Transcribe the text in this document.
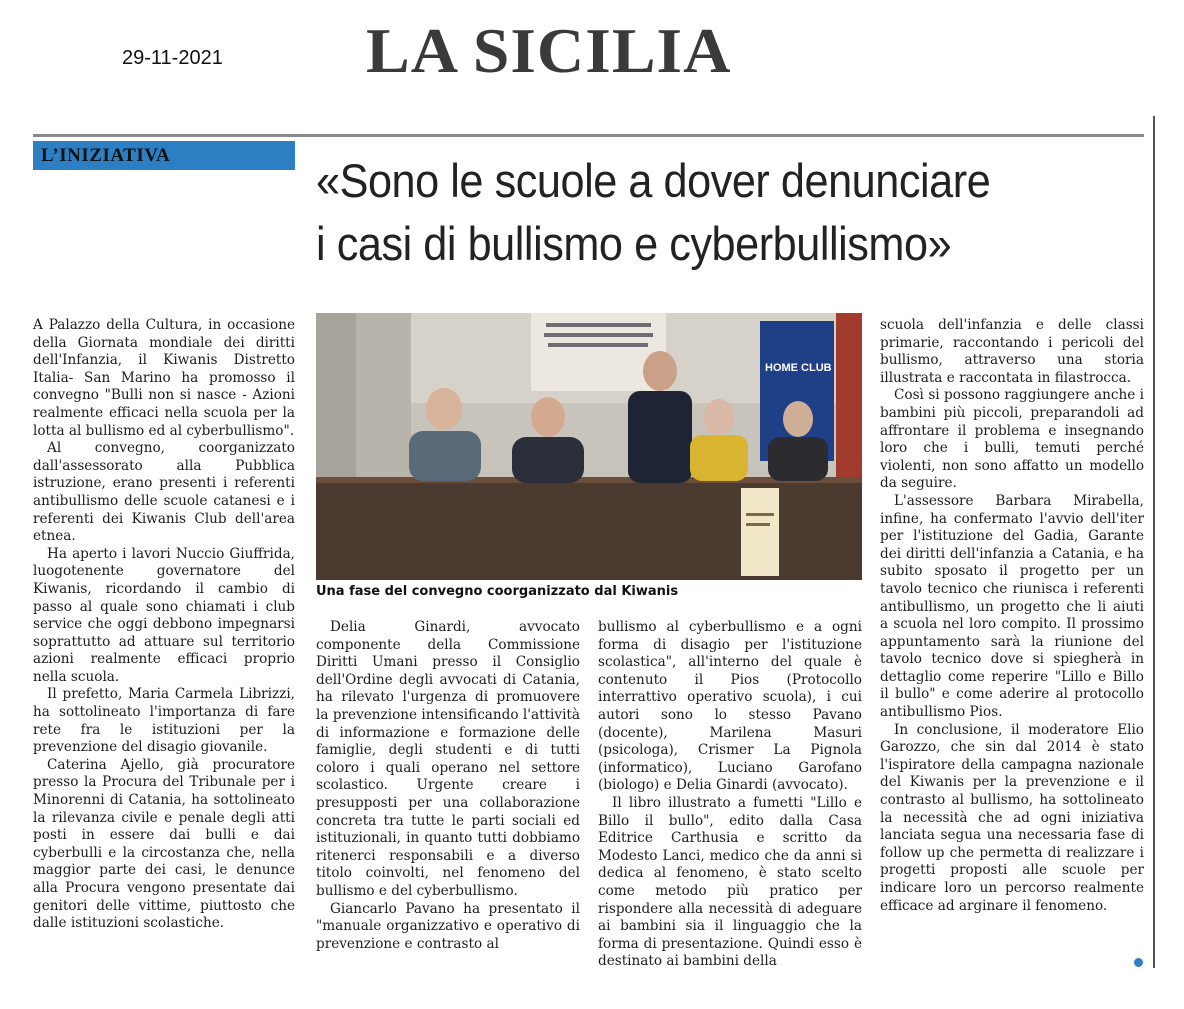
29-11-2021 LA SICILIA
L’INIZIATIVA	«Sono le scuole a dover denunciare
i casi di bullismo e cyberbullismo»

A Palazzo della Cultura, in occasione della Giornata mondiale dei diritti dell'Infanzia, il Kiwanis Distretto Italia- San Marino ha promosso il convegno "Bulli non si nasce - Azioni realmente efficaci nella scuola per la lotta al bullismo ed al cyberbullismo".

Al convegno, coorganizzato dall'assessorato alla Pubblica istruzione, erano presenti i referenti antibullismo delle scuole catanesi e i referenti dei Kiwanis Club dell'area etnea.

Ha aperto i lavori Nuccio Giuffrida, luogotenente governatore del Kiwanis, ricordando il cambio di passo al quale sono chiamati i club service che oggi debbono impegnarsi soprattutto ad attuare sul territorio azioni realmente efficaci proprio nella scuola.

Il prefetto, Maria Carmela Librizzi, ha sottolineato l'importanza di fare rete fra le istituzioni per la prevenzione del disagio giovanile.

Caterina Ajello, già procuratore presso la Procura del Tribunale per i Minorenni di Catania, ha sottolineato la rilevanza civile e penale degli atti posti in essere dai bulli e dai cyberbulli e la circostanza che, nella maggior parte dei casi, le denunce alla Procura vengono presentate dai genitori delle vittime, piuttosto che dalle istituzioni scolastiche.

HOME CLUB
Una fase del convegno coorganizzato dal Kiwanis

Delia Ginardi, avvocato componente della Commissione Diritti Umani presso il Consiglio dell'Ordine degli avvocati di Catania, ha rilevato l'urgenza di promuovere la prevenzione intensificando l'attività di informazione e formazione delle famiglie, degli studenti e di tutti coloro i quali operano nel settore scolastico. Urgente creare i presupposti per una collaborazione concreta tra tutte le parti sociali ed istituzionali, in quanto tutti dobbiamo ritenerci responsabili e a diverso titolo coinvolti, nel fenomeno del bullismo e del cyberbullismo.

Giancarlo Pavano ha presentato il "manuale organizzativo e operativo di prevenzione e contrasto al

bullismo al cyberbullismo e a ogni forma di disagio per l'istituzione scolastica", all'interno del quale è contenuto il Pios (Protocollo interrattivo operativo scuola), i cui autori sono lo stesso Pavano (docente), Marilena Masuri (psicologa), Crismer La Pignola (informatico), Luciano Garofano (biologo) e Delia Ginardi (avvocato).

Il libro illustrato a fumetti "Lillo e Billo il bullo", edito dalla Casa Editrice Carthusia e scritto da Modesto Lanci, medico che da anni si dedica al fenomeno, è stato scelto come metodo più pratico per rispondere alla necessità di adeguare ai bambini sia il linguaggio che la forma di presentazione. Quindi esso è destinato ai bambini della

scuola dell'infanzia e delle classi primarie, raccontando i pericoli del bullismo, attraverso una storia illustrata e raccontata in filastrocca.

Così si possono raggiungere anche i bambini più piccoli, preparandoli ad affrontare il problema e insegnando loro che i bulli, temuti perché violenti, non sono affatto un modello da seguire.

L'assessore Barbara Mirabella, infine, ha confermato l'avvio dell'iter per l'istituzione del Gadia, Garante dei diritti dell'infanzia a Catania, e ha subito sposato il progetto per un tavolo tecnico che riunisca i referenti antibullismo, un progetto che li aiuti a scuola nel loro compito. Il prossimo appuntamento sarà la riunione del tavolo tecnico dove si spiegherà in dettaglio come reperire "Lillo e Billo il bullo" e come aderire al protocollo antibullismo Pios.

In conclusione, il moderatore Elio Garozzo, che sin dal 2014 è stato l'ispiratore della campagna nazionale del Kiwanis per la prevenzione e il contrasto al bullismo, ha sottolineato la necessità che ad ogni iniziativa lanciata segua una necessaria fase di follow up che permetta di realizzare i progetti proposti alle scuole per indicare loro un percorso realmente efficace ad arginare il fenomeno.
